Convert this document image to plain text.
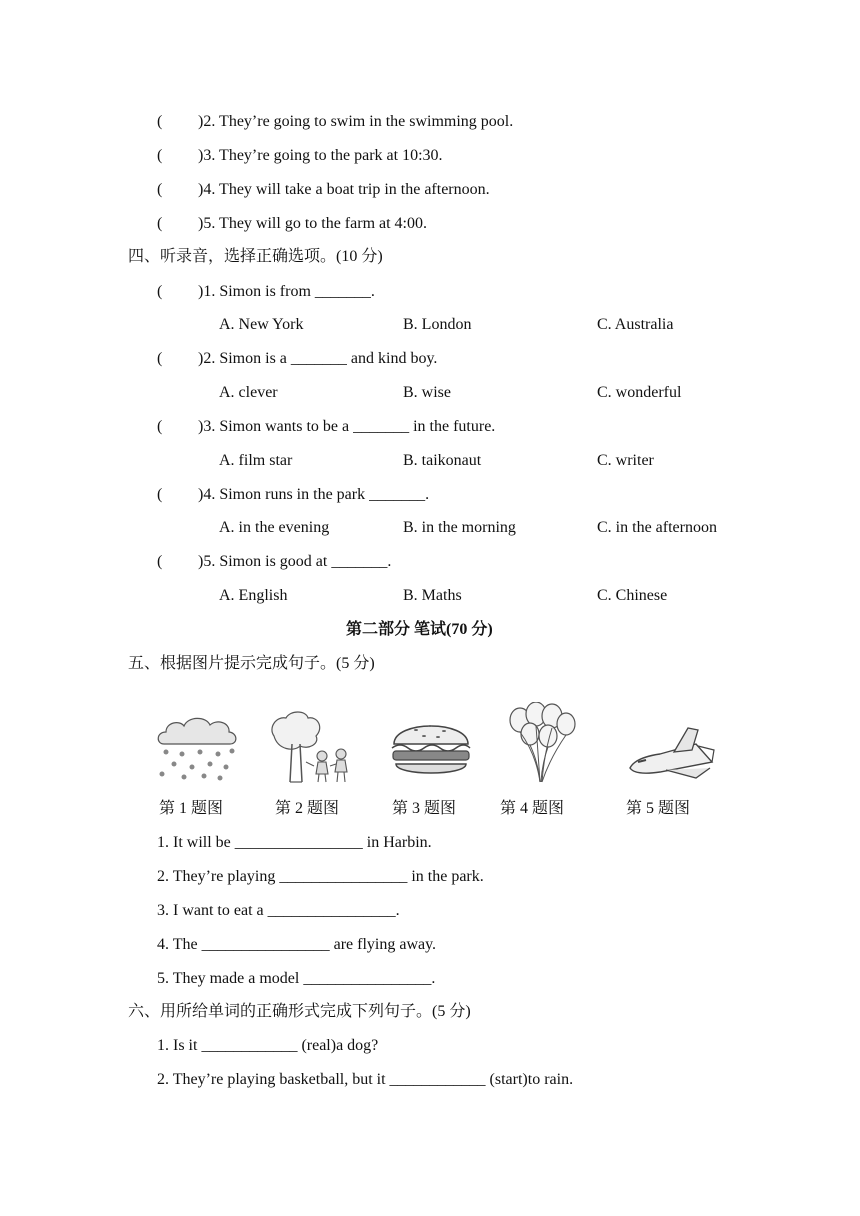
( )2. They’re going to swim in the swimming pool.
( )3. They’re going to the park at 10:30.
( )4. They will take a boat trip in the afternoon.
( )5. They will go to the farm at 4:00.
四、听录音，选择正确选项。(10 分)
( )1. Simon is from _______.
A. New York	B. London	C. Australia
( )2. Simon is a _______ and kind boy.
A. clever	B. wise	C. wonderful
( )3. Simon wants to be a _______ in the future.
A. film star	B. taikonaut	C. writer
( )4. Simon runs in the park _______.
A. in the evening	B. in the morning	C. in the afternoon
( )5. Simon is good at _______.
A. English	B. Maths	C. Chinese
第二部分 笔试(70 分)
五、根据图片提示完成句子。(5 分)
第 1 题图	第 2 题图	第 3 题图	第 4 题图	第 5 题图
1. It will be ________________ in Harbin.
2. They’re playing ________________ in the park.
3. I want to eat a ________________.
4. The ________________ are flying away.
5. They made a model ________________.
六、用所给单词的正确形式完成下列句子。(5 分)
1. Is it ____________ (real)a dog?
2. They’re playing basketball, but it ____________ (start)to rain.
